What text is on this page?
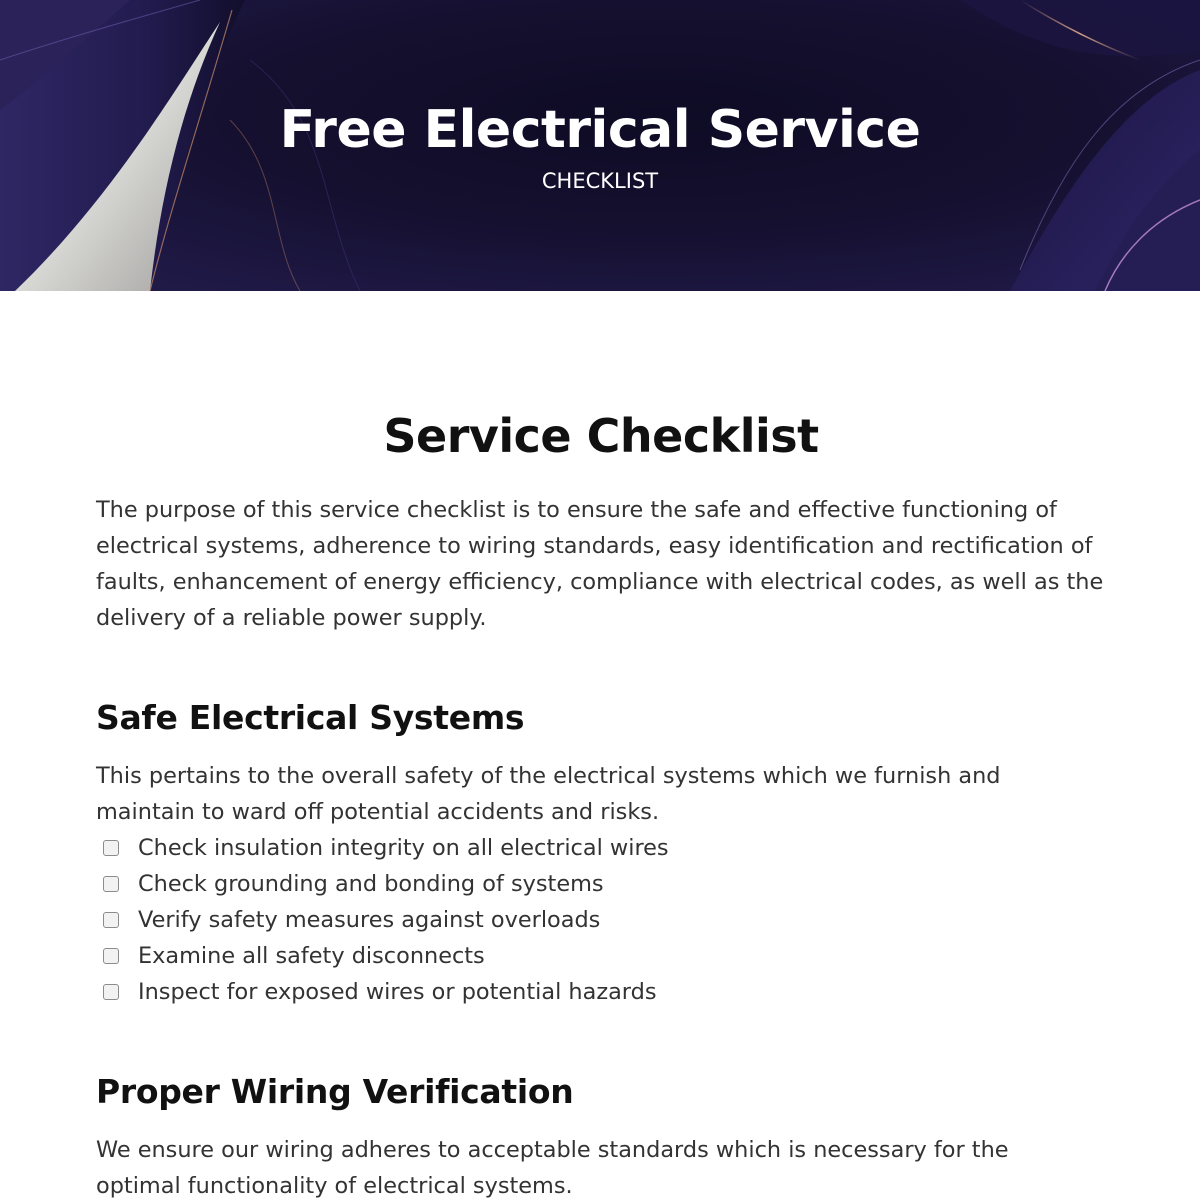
Free Electrical Service
CHECKLIST
Service Checklist

The purpose of this service checklist is to ensure the safe and effective functioning of electrical systems, adherence to wiring standards, easy identification and rectification of faults, enhancement of energy efficiency, compliance with electrical codes, as well as the delivery of a reliable power supply.

Safe Electrical Systems

This pertains to the overall safety of the electrical systems which we furnish and maintain to ward off potential accidents and risks.

Check insulation integrity on all electrical wires
Check grounding and bonding of systems
Verify safety measures against overloads
Examine all safety disconnects
Inspect for exposed wires or potential hazards
Proper Wiring Verification

We ensure our wiring adheres to acceptable standards which is necessary for the optimal functionality of electrical systems.
